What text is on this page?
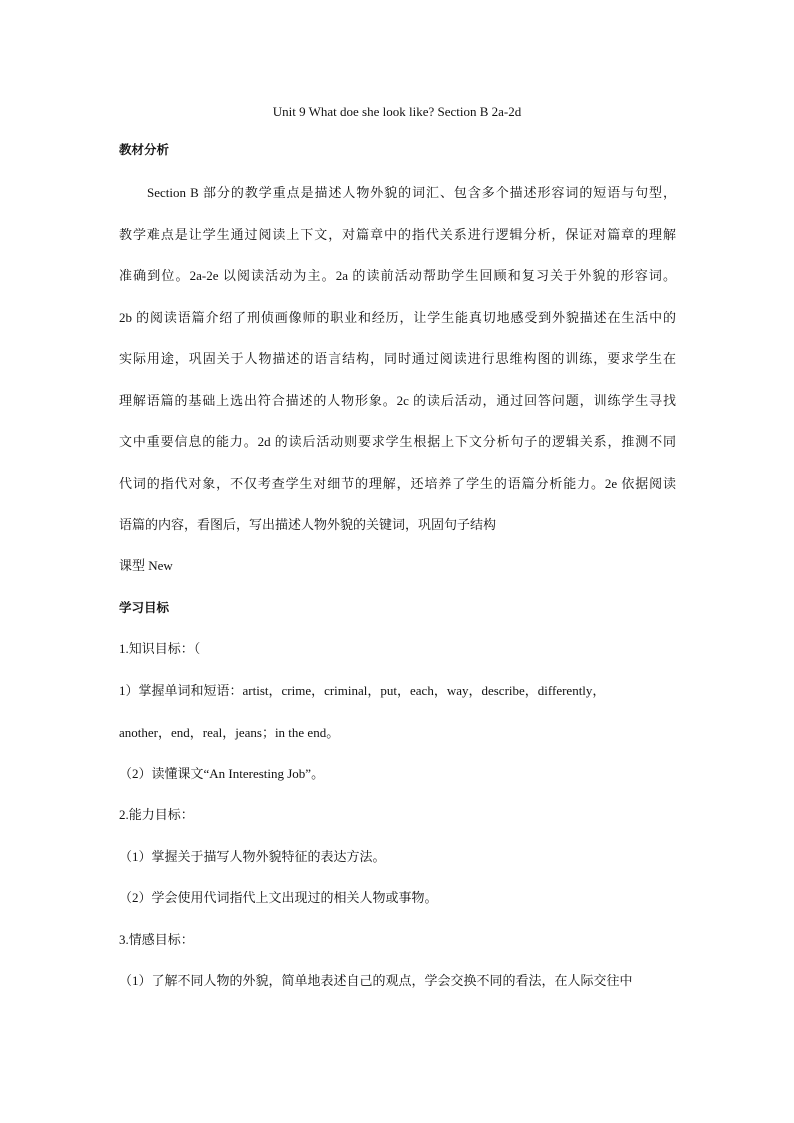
Unit 9 What doe she look like? Section B 2a-2d
教材分析
Section B 部分的教学重点是描述人物外貌的词汇、包含多个描述形容词的短语与句型，
教学难点是让学生通过阅读上下文，对篇章中的指代关系进行逻辑分析，保证对篇章的理解
准确到位。2a-2e 以阅读活动为主。2a 的读前活动帮助学生回顾和复习关于外貌的形容词。
2b 的阅读语篇介绍了刑侦画像师的职业和经历，让学生能真切地感受到外貌描述在生活中的
实际用途，巩固关于人物描述的语言结构，同时通过阅读进行思维构图的训练，要求学生在
理解语篇的基础上选出符合描述的人物形象。2c 的读后活动，通过回答问题，训练学生寻找
文中重要信息的能力。2d 的读后活动则要求学生根据上下文分析句子的逻辑关系，推测不同
代词的指代对象，不仅考查学生对细节的理解，还培养了学生的语篇分析能力。2e 依据阅读
语篇的内容，看图后，写出描述人物外貌的关键词，巩固句子结构
课型 New
学习目标
1.知识目标：（
1）掌握单词和短语：artist，crime，criminal，put，each，way，describe，differently，
another，end，real，jeans；in the end。
（2）读懂课文“An Interesting Job”。
2.能力目标：
（1）掌握关于描写人物外貌特征的表达方法。
（2）学会使用代词指代上文出现过的相关人物或事物。
3.情感目标：
（1）了解不同人物的外貌，简单地表述自己的观点，学会交换不同的看法，在人际交往中
